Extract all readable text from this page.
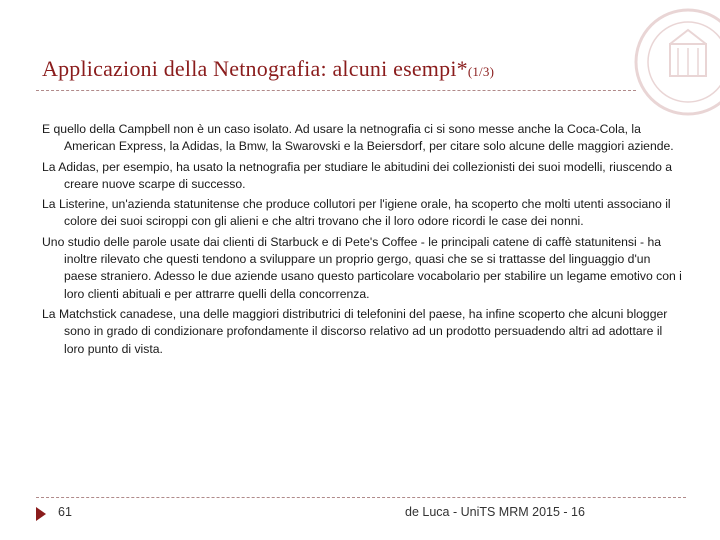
Applicazioni della Netnografia: alcuni esempi*(1/3)

E quello della Campbell non è un caso isolato. Ad usare la netnografia ci si sono messe anche la Coca-Cola, la American Express, la Adidas, la Bmw, la Swarovski e la Beiersdorf, per citare solo alcune delle maggiori aziende.

La Adidas, per esempio, ha usato la netnografia per studiare le abitudini dei collezionisti dei suoi modelli, riuscendo a creare nuove scarpe di successo.

La Listerine, un'azienda statunitense che produce collutori per l'igiene orale, ha scoperto che molti utenti associano il colore dei suoi sciroppi con gli alieni e che altri trovano che il loro odore ricordi le case dei nonni.

Uno studio delle parole usate dai clienti di Starbuck e di Pete's Coffee - le principali catene di caffè statunitensi - ha inoltre rilevato che questi tendono a sviluppare un proprio gergo, quasi che se si trattasse del linguaggio d'un paese straniero. Adesso le due aziende usano questo particolare vocabolario per stabilire un legame emotivo con i loro clienti abituali e per attrarre quelli della concorrenza.

La Matchstick canadese, una delle maggiori distributrici di telefonini del paese, ha infine scoperto che alcuni blogger sono in grado di condizionare profondamente il discorso relativo ad un prodotto persuadendo altri ad adottare il loro punto di vista.

61	de Luca - UniTS MRM 2015 - 16
